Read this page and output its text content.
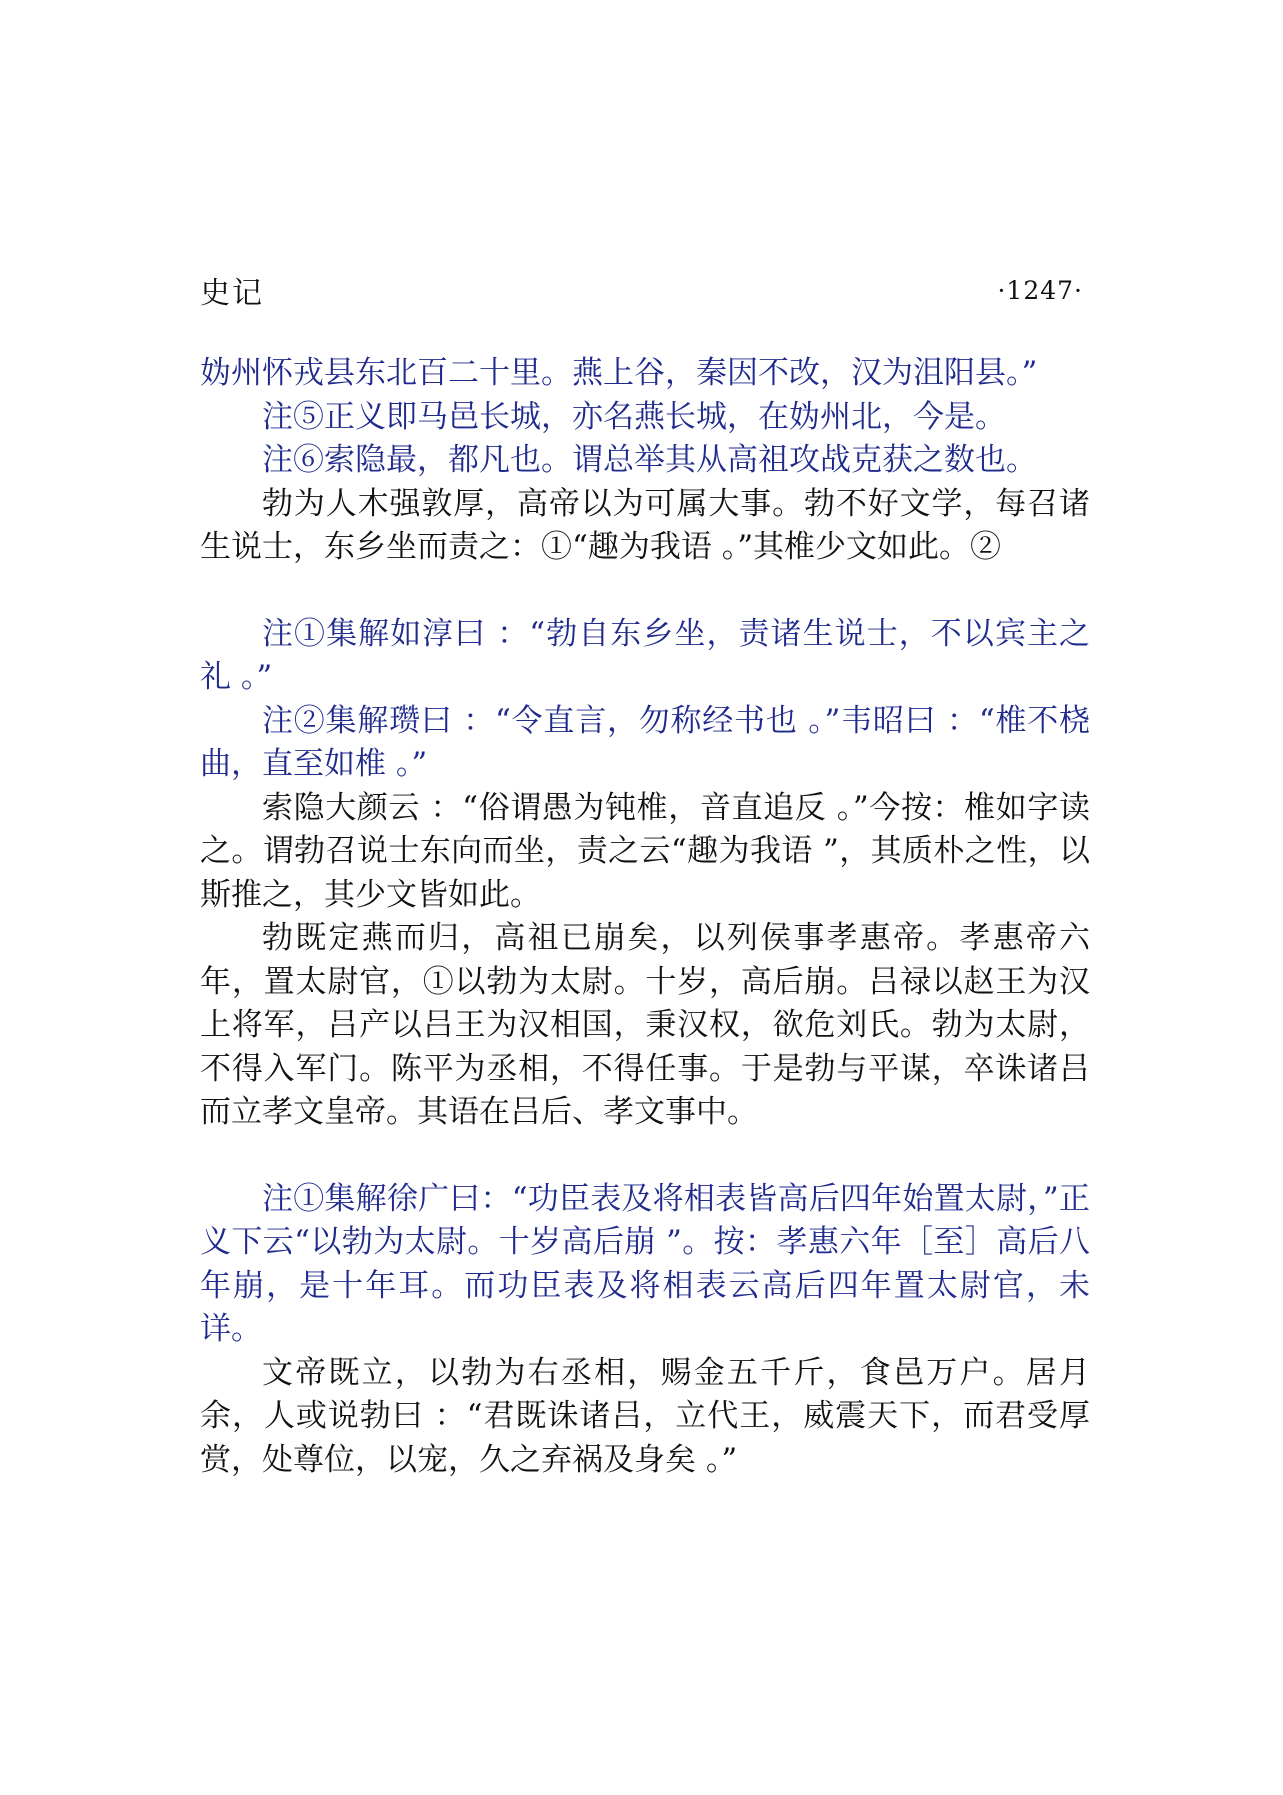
史记	·1247·

妫州怀戎县东北百二十里。燕上谷，秦因不改，汉为沮阳县。”

注⑤正义即马邑长城，亦名燕长城，在妫州北，今是。

注⑥索隐最，都凡也。谓总举其从高祖攻战克获之数也。

勃为人木强敦厚，高帝以为可属大事。勃不好文学，每召诸生说士，东乡坐而责之：①“趣为我语 。”其椎少文如此。②

注①集解如淳曰 ：“勃自东乡坐，责诸生说士，不以宾主之礼 。”

注②集解瓒曰 ：“令直言，勿称经书也 。”韦昭曰 ：“椎不桡曲，直至如椎 。”

索隐大颜云 ：“俗谓愚为钝椎，音直追反 。”今按：椎如字读之。谓勃召说士东向而坐，责之云“趣为我语 ”，其质朴之性，以斯推之，其少文皆如此。

勃既定燕而归，高祖已崩矣，以列侯事孝惠帝。孝惠帝六年，置太尉官，①以勃为太尉。十岁，高后崩。吕禄以赵王为汉上将军，吕产以吕王为汉相国，秉汉权，欲危刘氏。勃为太尉，不得入军门。陈平为丞相，不得任事。于是勃与平谋，卒诛诸吕而立孝文皇帝。其语在吕后、孝文事中。

注①集解徐广曰：“功臣表及将相表皆高后四年始置太尉，”正义下云“以勃为太尉。十岁高后崩 ”。按：孝惠六年［至］高后八年崩，是十年耳。而功臣表及将相表云高后四年置太尉官，未详。

文帝既立，以勃为右丞相，赐金五千斤，食邑万户。居月余，人或说勃曰 ：“君既诛诸吕，立代王，威震天下，而君受厚赏，处尊位，以宠，久之弃祸及身矣 。”
